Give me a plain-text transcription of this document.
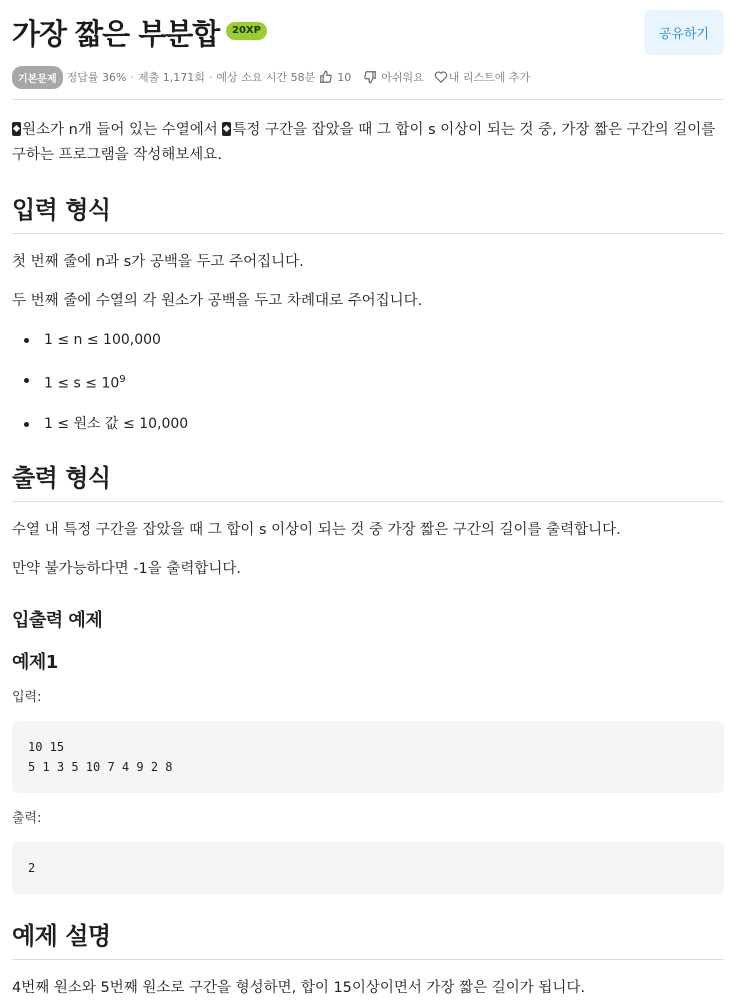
가장 짧은 부분합	20XP	공유하기
기본문제 정답률 36% · 제출 1,171회 · 예상 소요 시간 58분 10	아쉬워요 내 리스트에 추가

원소가 n개 들어 있는 수열에서 특정 구간을 잡았을 때 그 합이 s 이상이 되는 것 중, 가장 짧은 구간의 길이를 구하는 프로그램을 작성해보세요.

입력 형식

첫 번째 줄에 n과 s가 공백을 두고 주어집니다.

두 번째 줄에 수열의 각 원소가 공백을 두고 차례대로 주어집니다.

1 ≤ n ≤ 100,000
$1 \le s \le 10^9$
1 ≤ 원소 값 ≤ 10,000
출력 형식

수열 내 특정 구간을 잡았을 때 그 합이 s 이상이 되는 것 중 가장 짧은 구간의 길이를 출력합니다.

만약 불가능하다면 -1을 출력합니다.

입출력 예제
예제1
입력:
10 15
5 1 3 5 10 7 4 9 2 8
출력:
2
예제 설명

4번째 원소와 5번째 원소로 구간을 형성하면, 합이 15이상이면서 가장 짧은 길이가 됩니다.
